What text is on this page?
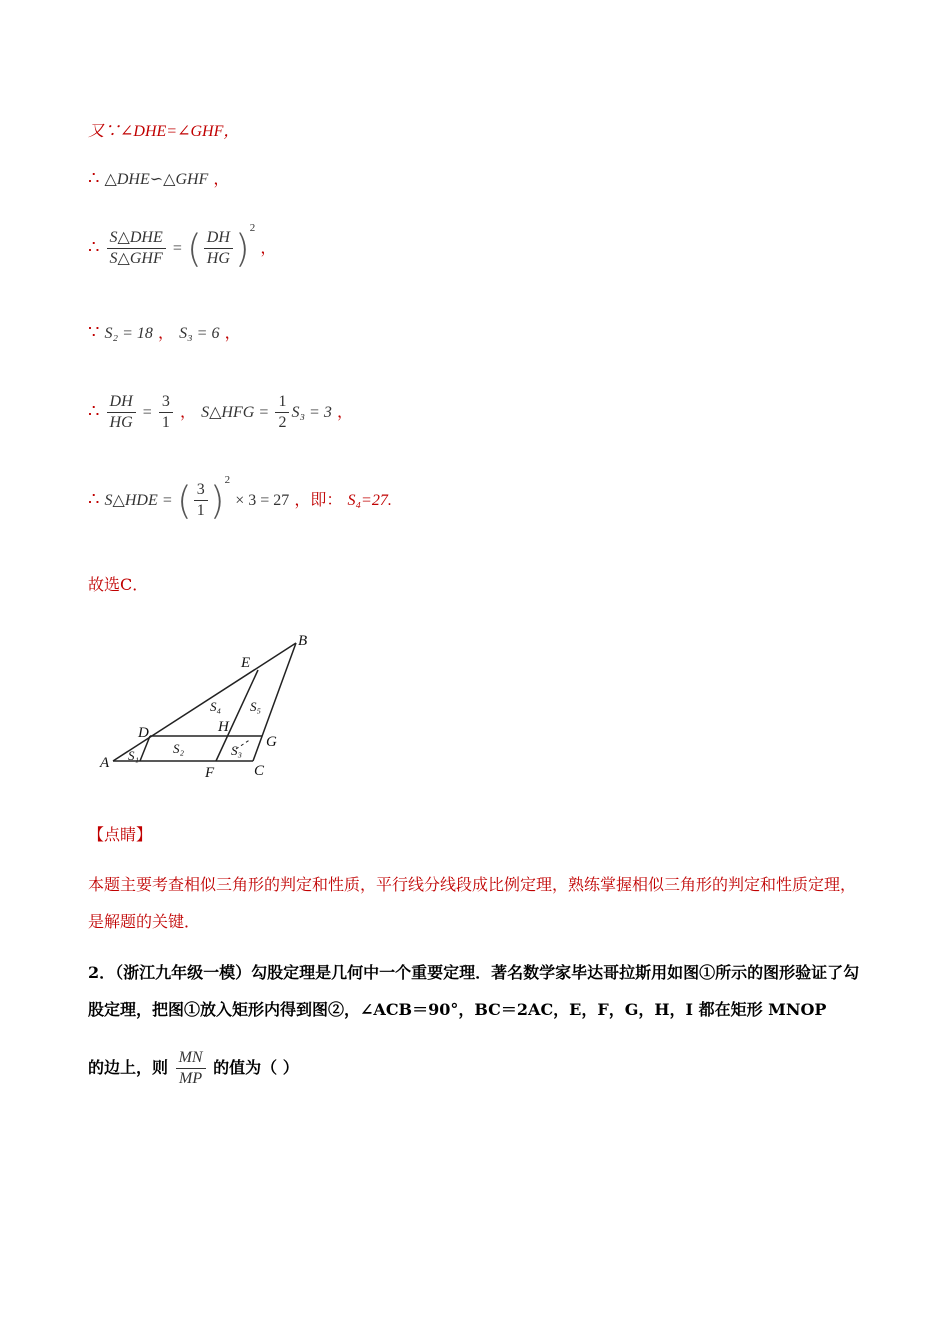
又∵∠DHE=∠GHF，
∴ △DHE∽△GHF ，
∴ $\frac{\text{S△DHE}}{\text{S△GHF}}$ = ( $\frac{DH}{HG} )^2$ ，
∵ S₂ = 18 ， S₃ = 6 ，
∴ $\frac{DH}{HG} = \frac{3}{1}$ ， S△HFG = $\frac{1}{2} S_3 = 3$ ，
∴ S△HDE = ( $\frac{3}{1} )^2 \times 3 = 27$ ，即： S₄=27.
故选C．
A
B
C
D
E
F
G
H
S₁	S₂	S₃
S₄ S₅
【点睛】
本题主要考查相似三角形的判定和性质，平行线分线段成比例定理，熟练掌握相似三角形的判定和性质定理，是解题的关键．
2．（浙江九年级一模）勾股定理是几何中一个重要定理．著名数学家毕达哥拉斯用如图①所示的图形验证了勾股定理，把图①放入矩形内得到图②，∠ACB＝90°，BC＝2AC，E，F，G，H，I 都在矩形 MNOP
的边上，则 $\frac{MN}{MP}$ 的值为（ ）
